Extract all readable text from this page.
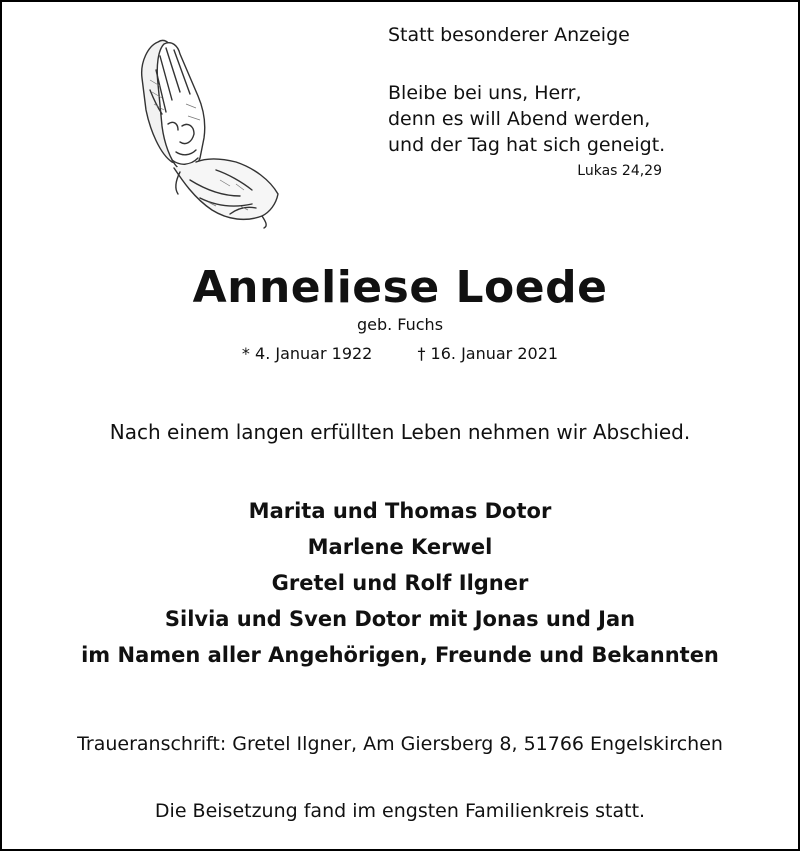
Statt besonderer Anzeige
Bleibe bei uns, Herr,
denn es will Abend werden,
und der Tag hat sich geneigt.
Lukas 24,29
Anneliese Loede
geb. Fuchs
* 4. Januar 1922	† 16. Januar 2021
Nach einem langen erfüllten Leben nehmen wir Abschied.
Marita und Thomas Dotor
Marlene Kerwel
Gretel und Rolf Ilgner
Silvia und Sven Dotor mit Jonas und Jan
im Namen aller Angehörigen, Freunde und Bekannten
Traueranschrift: Gretel Ilgner, Am Giersberg 8, 51766 Engelskirchen
Die Beisetzung fand im engsten Familienkreis statt.
